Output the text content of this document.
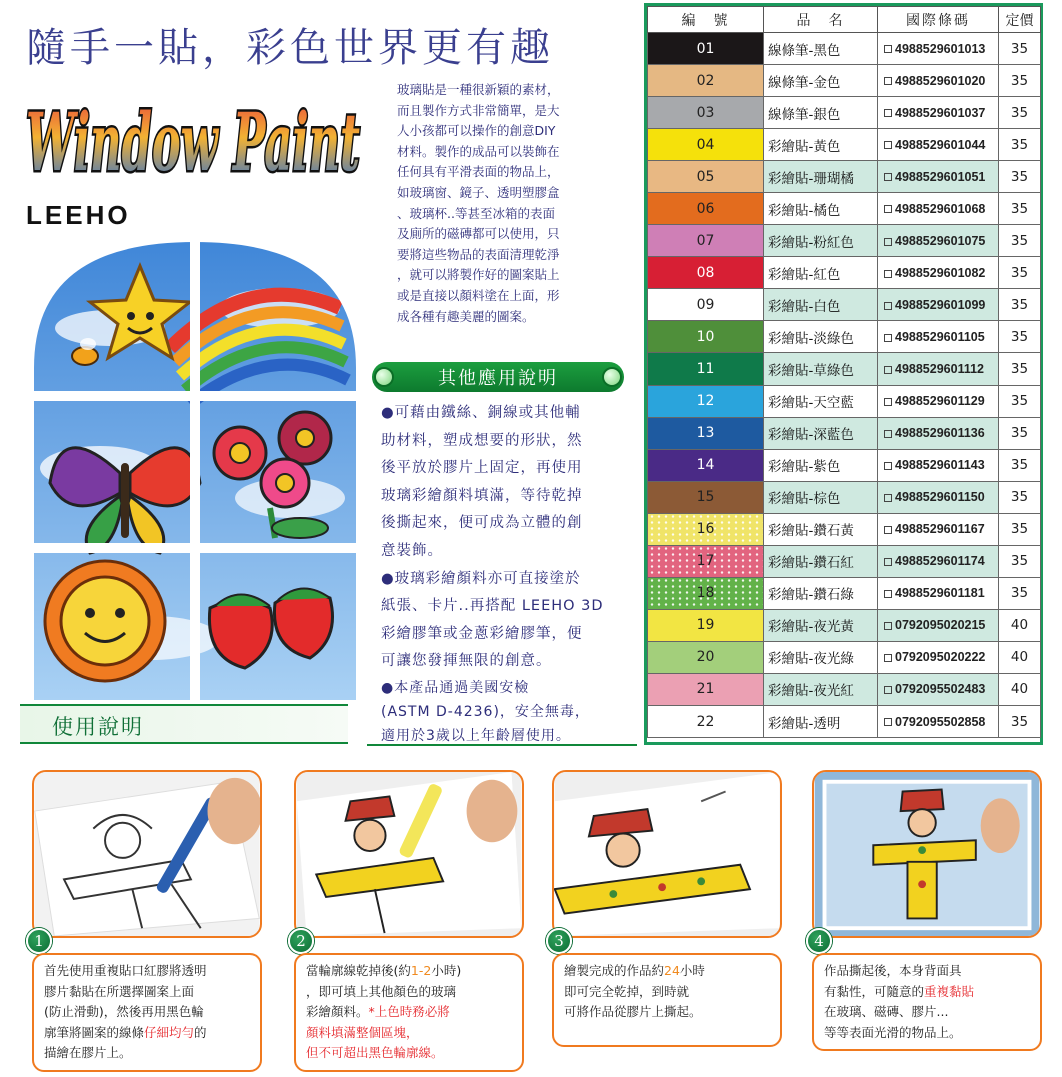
隨手一貼，彩色世界更有趣
Window Paint
LEEHO

玻璃貼是一種很新穎的素材，

而且製作方式非常簡單，是大

人小孩都可以操作的創意DIY

材料。製作的成品可以裝飾在

任何具有平滑表面的物品上，

如玻璃窗、鏡子、透明塑膠盒

、玻璃杯..等甚至冰箱的表面

及廁所的磁磚都可以使用，只

要將這些物品的表面清理乾淨

，就可以將製作好的圖案貼上

或是直接以顏料塗在上面，形

成各種有趣美麗的圖案。

其他應用說明

●可藉由鐵絲、銅線或其他輔

助材料，塑成想要的形狀，然

後平放於膠片上固定，再使用

玻璃彩繪顏料填滿，等待乾掉

後撕起來，便可成為立體的創

意裝飾。

●玻璃彩繪顏料亦可直接塗於

紙張、卡片..再搭配 LEEHO 3D

彩繪膠筆或金蔥彩繪膠筆，便

可讓您發揮無限的創意。

●本產品通過美國安檢

(ASTM D-4236)，安全無毒，

適用於3歲以上年齡層使用。

使用說明
編　號	品　名	國際條碼	定價
01	線條筆-黑色	4988529601013	35
02	線條筆-金色	4988529601020	35
03	線條筆-銀色	4988529601037	35
04	彩繪貼-黃色	4988529601044	35
05	彩繪貼-珊瑚橘	4988529601051	35
06	彩繪貼-橘色	4988529601068	35
07	彩繪貼-粉紅色	4988529601075	35
08	彩繪貼-紅色	4988529601082	35
09	彩繪貼-白色	4988529601099	35
10	彩繪貼-淡綠色	4988529601105	35
11	彩繪貼-草綠色	4988529601112	35
12	彩繪貼-天空藍	4988529601129	35
13	彩繪貼-深藍色	4988529601136	35
14	彩繪貼-紫色	4988529601143	35
15	彩繪貼-棕色	4988529601150	35
16	彩繪貼-鑽石黃	4988529601167	35
17	彩繪貼-鑽石紅	4988529601174	35
18	彩繪貼-鑽石綠	4988529601181	35
19	彩繪貼-夜光黃	0792095020215	40
20	彩繪貼-夜光綠	0792095020222	40
21	彩繪貼-夜光紅	0792095502483	40
22	彩繪貼-透明	0792095502858	35
1

首先使用重複貼口紅膠將透明

膠片黏貼在所選擇圖案上面

(防止滑動)，然後再用黑色輪

廓筆將圖案的線條仔細均勻的

描繪在膠片上。

2

當輪廓線乾掉後(約1-2小時)

，即可填上其他顏色的玻璃

彩繪顏料。*上色時務必將

顏料填滿整個區塊，

但不可超出黑色輪廓線。

3

繪製完成的作品約24小時

即可完全乾掉，到時就

可將作品從膠片上撕起。

4

作品撕起後，本身背面具

有黏性，可隨意的重複黏貼

在玻璃、磁磚、膠片...

等等表面光滑的物品上。
